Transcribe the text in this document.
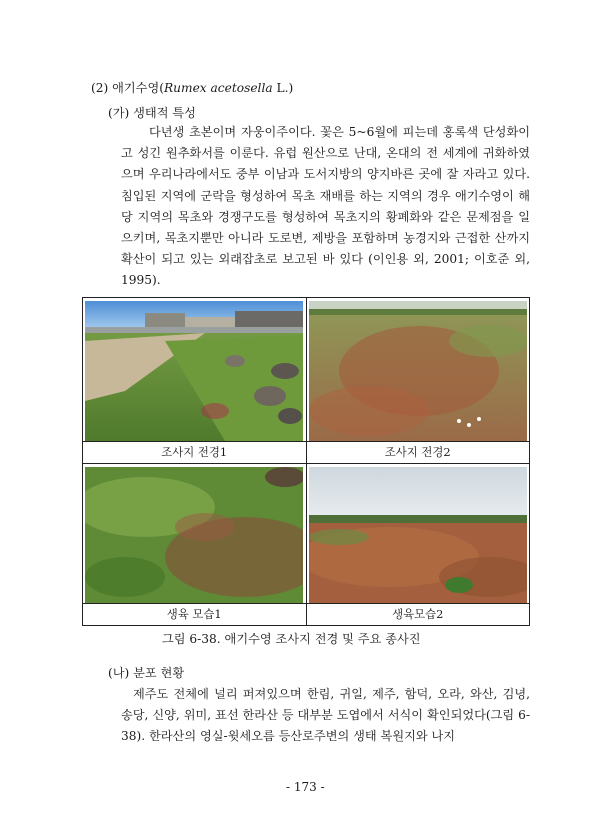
(2) 애기수영(Rumex acetosella L.)
(가) 생태적 특성

다년생 초본이며 자웅이주이다. 꽃은 5~6월에 피는데 홍록색 단성화이고 성긴 원추화서를 이룬다. 유럽 원산으로 난대, 온대의 전 세계에 귀화하였으며 우리나라에서도 중부 이남과 도서지방의 양지바른 곳에 잘 자라고 있다. 침입된 지역에 군락을 형성하여 목초 재배를 하는 지역의 경우 애기수영이 해당 지역의 목초와 경쟁구도를 형성하여 목초지의 황폐화와 같은 문제점을 일으키며, 목초지뿐만 아니라 도로변, 제방을 포함하며 농경지와 근접한 산까지 확산이 되고 있는 외래잡초로 보고된 바 있다 (이인용 외, 2001; 이호준 외, 1995).

조사지 전경1	조사지 전경2

생육 모습1	생육모습2
그림 6-38. 애기수영 조사지 전경 및 주요 종사진
(나) 분포 현황

제주도 전체에 널리 퍼져있으며 한림, 귀일, 제주, 함덕, 오라, 와산, 김녕, 송당, 신양, 위미, 표선 한라산 등 대부분 도엽에서 서식이 확인되었다(그림 6-38). 한라산의 영실-윗세오름 등산로주변의 생태 복원지와 나지

- 173 -
